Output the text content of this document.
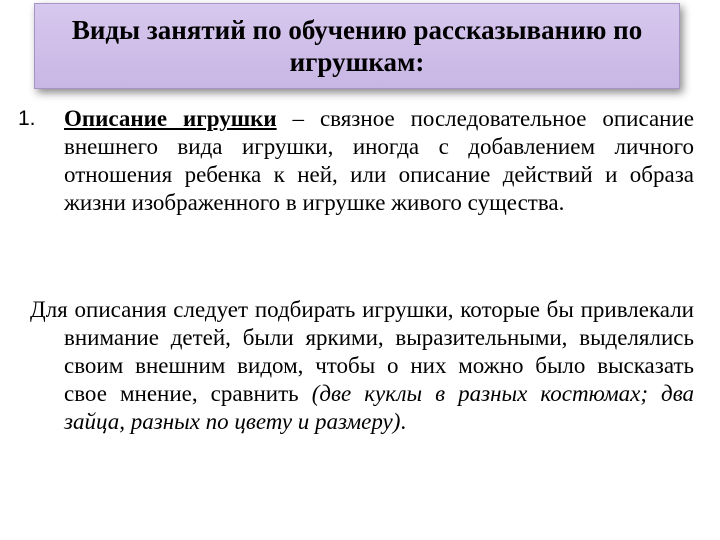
Виды занятий по обучению рассказыванию по игрушкам:
1. Описание игрушки – связное последовательное описание внешнего вида игрушки, иногда с добавлением личного отношения ребенка к ней, или описание действий и образа жизни изображенного в игрушке живого существа.

Для описания следует подбирать игрушки, которые бы привлекали внимание детей, были яркими, выразительными, выделялись своим внешним видом, чтобы о них можно было высказать свое мнение, сравнить (две куклы в разных костюмах; два зайца, разных по цвету и размеру).
